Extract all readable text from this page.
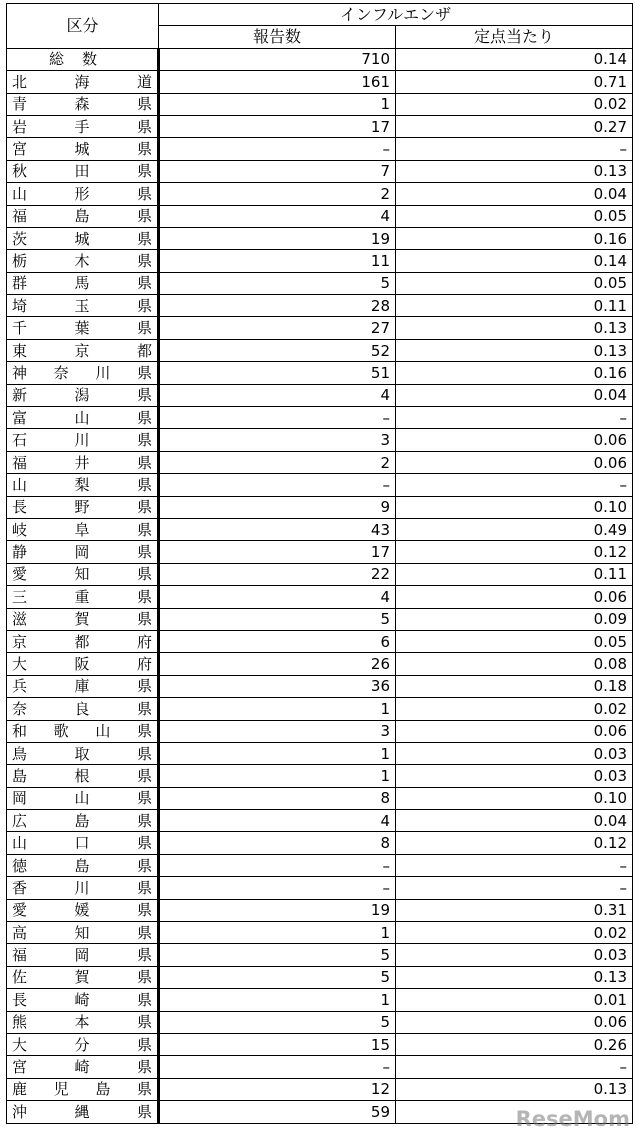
区分	インフルエンザ	
	報告数	定点当たり
総数	710	0.14

北 海 道	161	0.71

青 森 県	1	0.02

岩 手 県	17	0.27

宮 城 県	–	–

秋 田 県	7	0.13

山 形 県	2	0.04

福 島 県	4	0.05

茨 城 県	19	0.16

栃 木 県	11	0.14

群 馬 県	5	0.05

埼 玉 県	28	0.11

千 葉 県	27	0.13

東 京 都	52	0.13

神 奈 川 県	51	0.16

新 潟 県	4	0.04

富 山 県	–	–

石 川 県	3	0.06

福 井 県	2	0.06

山 梨 県	–	–

長 野 県	9	0.10

岐 阜 県	43	0.49

静 岡 県	17	0.12

愛 知 県	22	0.11

三 重 県	4	0.06

滋 賀 県	5	0.09

京 都 府	6	0.05

大 阪 府	26	0.08

兵 庫 県	36	0.18

奈 良 県	1	0.02

和 歌 山 県	3	0.06

鳥 取 県	1	0.03

島 根 県	1	0.03

岡 山 県	8	0.10

広 島 県	4	0.04

山 口 県	8	0.12

徳 島 県	–	–

香 川 県	–	–

愛 媛 県	19	0.31

高 知 県	1	0.02

福 岡 県	5	0.03

佐 賀 県	5	0.13

長 崎 県	1	0.01

熊 本 県	5	0.06

大 分 県	15	0.26

宮 崎 県	–	–

鹿 児 島 県	12	0.13

沖 縄 県	59		ReseMom
